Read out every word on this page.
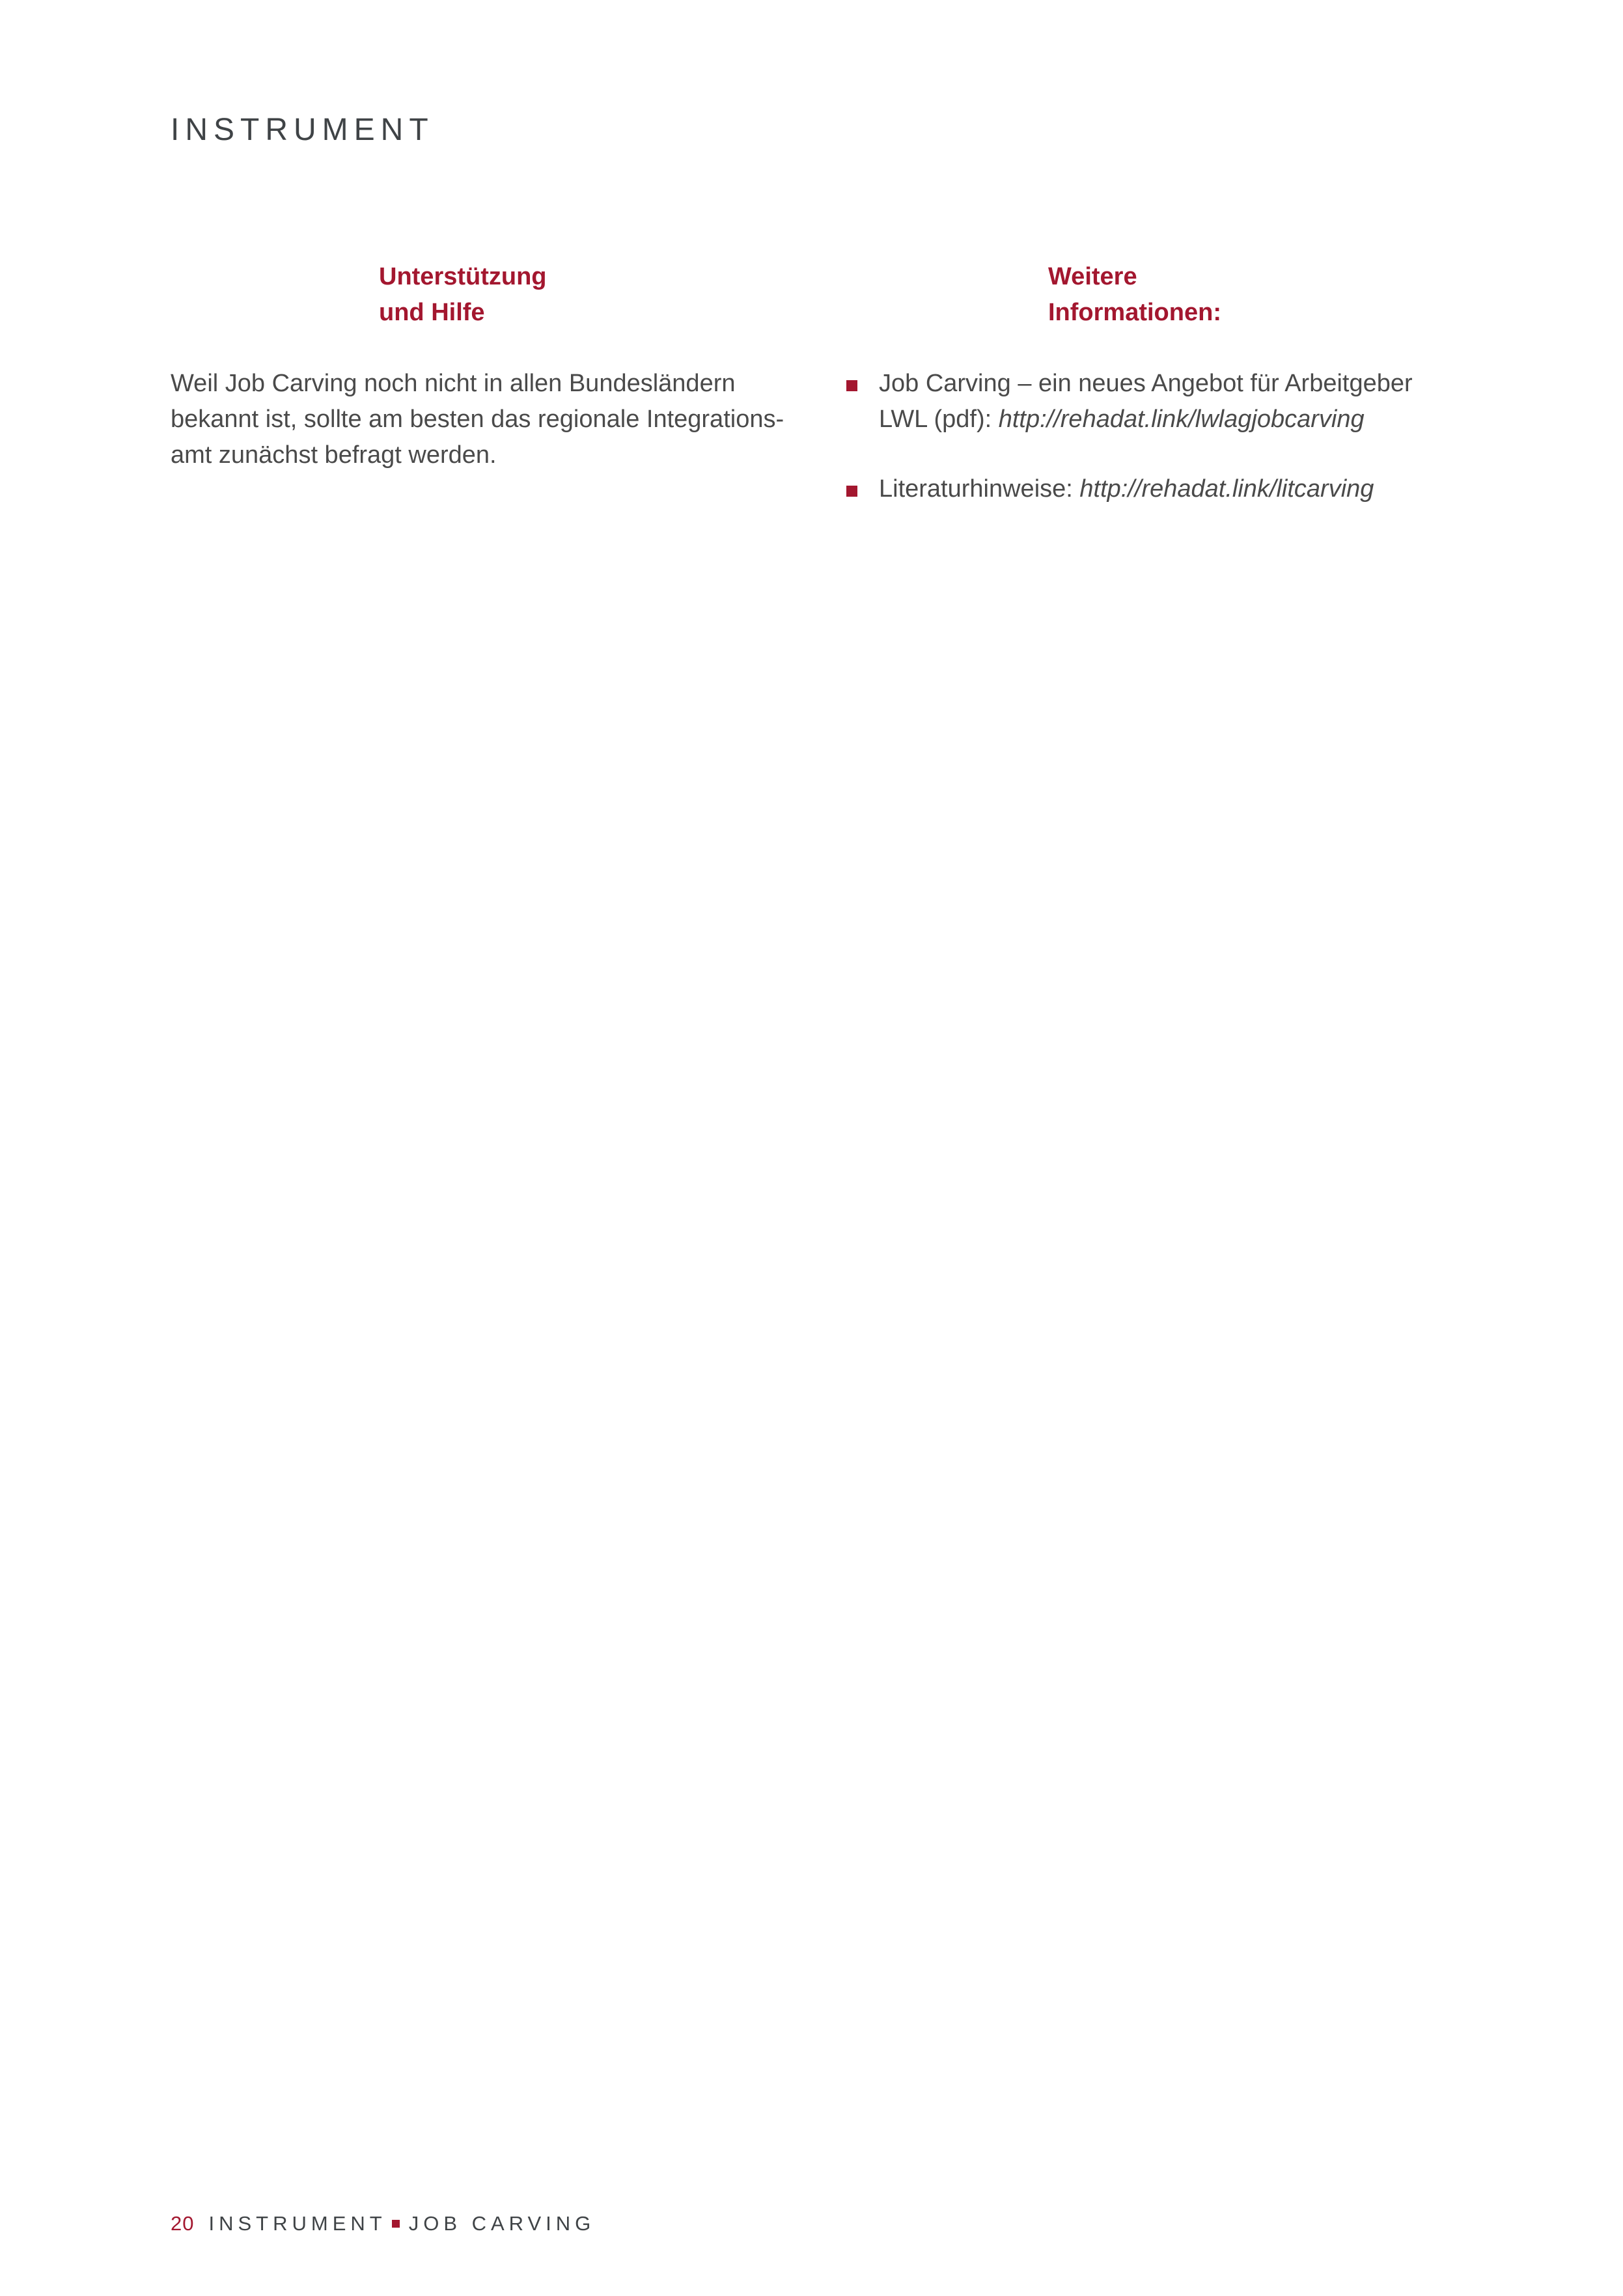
INSTRUMENT
Unterstützung
und Hilfe
Weitere
Informationen:
Weil Job Carving noch nicht in allen Bundesländern
bekannt ist, sollte am besten das regionale Integrations-
amt zunächst befragt werden.
Job Carving – ein neues Angebot für Arbeitgeber
LWL (pdf): http://rehadat.link/lwlagjobcarving
Literaturhinweise: http://rehadat.link/litcarving
20 INSTRUMENT JOB CARVING
